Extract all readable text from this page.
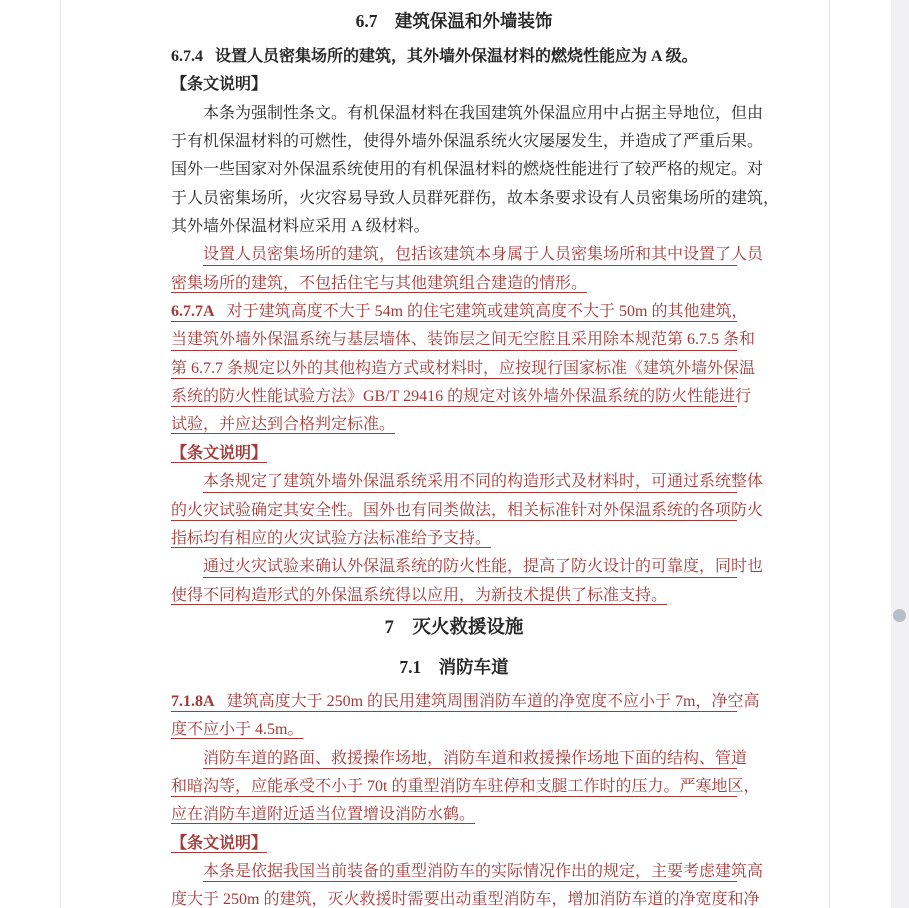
6.7　建筑保温和外墙装饰
6.7.4 设置人员密集场所的建筑，其外墙外保温材料的燃烧性能应为 A 级。
【条文说明】
本条为强制性条文。有机保温材料在我国建筑外保温应用中占据主导地位，但由
于有机保温材料的可燃性，使得外墙外保温系统火灾屡屡发生，并造成了严重后果。
国外一些国家对外保温系统使用的有机保温材料的燃烧性能进行了较严格的规定。对
于人员密集场所，火灾容易导致人员群死群伤，故本条要求设有人员密集场所的建筑，
其外墙外保温材料应采用 A 级材料。
设置人员密集场所的建筑，包括该建筑本身属于人员密集场所和其中设置了人员
密集场所的建筑，不包括住宅与其他建筑组合建造的情形。
6.7.7A 对于建筑高度不大于 54m 的住宅建筑或建筑高度不大于 50m 的其他建筑，
当建筑外墙外保温系统与基层墙体、装饰层之间无空腔且采用除本规范第 6.7.5 条和
第 6.7.7 条规定以外的其他构造方式或材料时，应按现行国家标准《建筑外墙外保温
系统的防火性能试验方法》GB/T 29416 的规定对该外墙外保温系统的防火性能进行
试验，并应达到合格判定标准。
【条文说明】
本条规定了建筑外墙外保温系统采用不同的构造形式及材料时，可通过系统整体
的火灾试验确定其安全性。国外也有同类做法，相关标准针对外保温系统的各项防火
指标均有相应的火灾试验方法标准给予支持。
通过火灾试验来确认外保温系统的防火性能，提高了防火设计的可靠度，同时也
使得不同构造形式的外保温系统得以应用，为新技术提供了标准支持。
7　灭火救援设施
7.1　消防车道
7.1.8A 建筑高度大于 250m 的民用建筑周围消防车道的净宽度不应小于 7m，净空高
度不应小于 4.5m。
消防车道的路面、救援操作场地，消防车道和救援操作场地下面的结构、管道
和暗沟等，应能承受不小于 70t 的重型消防车驻停和支腿工作时的压力。严寒地区，
应在消防车道附近适当位置增设消防水鹤。
【条文说明】
本条是依据我国当前装备的重型消防车的实际情况作出的规定，主要考虑建筑高
度大于 250m 的建筑，灭火救援时需要出动重型消防车，增加消防车道的净宽度和净
